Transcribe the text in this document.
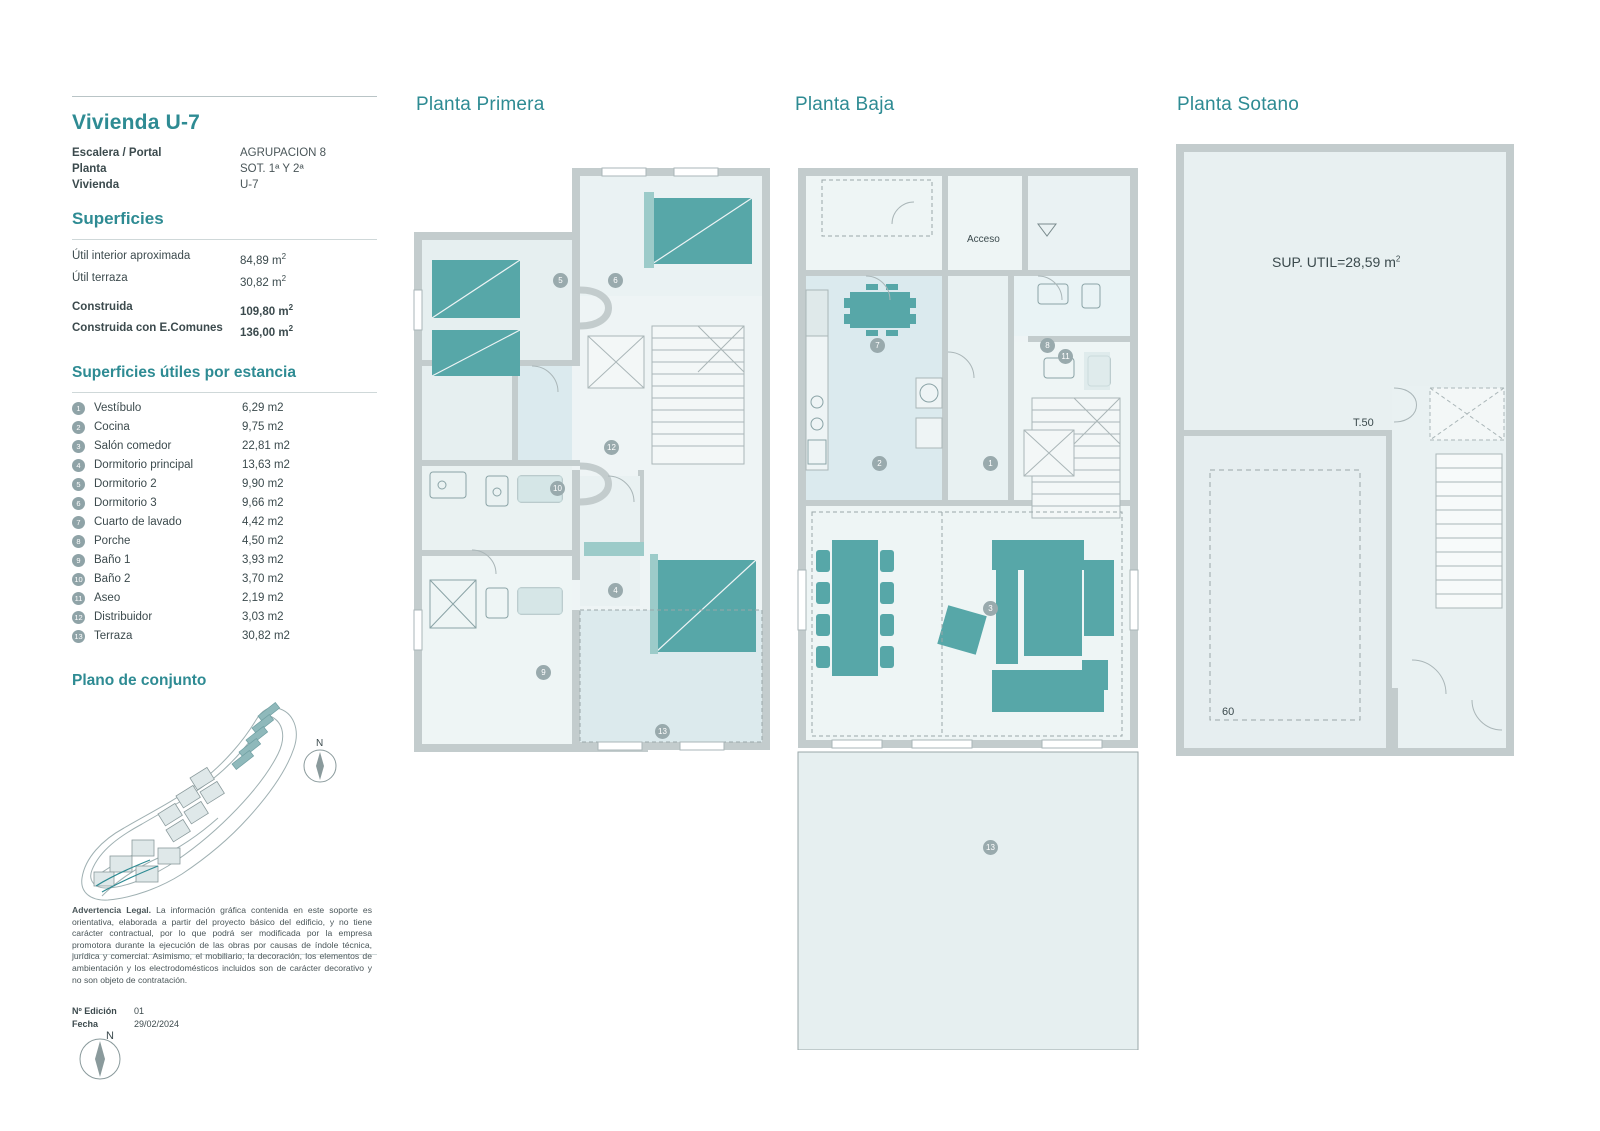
Vivienda U-7
Escalera / Portal	AGRUPACION 8
Planta	SOT. 1ª Y 2ª
Vivienda	U-7
Superficies
Útil interior aproximada	84,89 $m^2$
Útil terraza	30,82 $m^2$
Construida	109,80 $m^2$
Construida con E.Comunes	136,00 $m^2$
Superficies útiles por estancia
1	Vestíbulo	6,29 m2
2	Cocina	9,75 m2
3	Salón comedor	22,81 m2
4	Dormitorio principal	13,63 m2
5	Dormitorio 2	9,90 m2
6	Dormitorio 3	9,66 m2
7	Cuarto de lavado	4,42 m2
8	Porche	4,50 m2
9	Baño 1	3,93 m2
10 Baño 2	3,70 m2
11 Aseo	2,19 m2
12 Distribuidor	3,03 m2
13 Terraza	30,82 m2
Plano de conjunto
N
Advertencia Legal. La información gráfica contenida en este soporte es orientativa, elaborada a partir del proyecto básico del edificio, y no tiene carácter contractual, por lo que podrá ser modificada por la empresa promotora durante la ejecución de las obras por causas de índole técnica, jurídica y comercial. Asimismo, el mobiliario, la decoración, los elementos de ambientación y los electrodomésticos incluidos son de carácter decorativo y no son objeto de contratación.
Nº Edición 01
Fecha	29/02/2024
N
Planta Primera	Planta Baja	Planta Sotano
5	6
12
10
4
9
13
Acceso
7	8
11
2	1
3
13
SUP. UTIL=28,59 $m^2$
T.50
60
